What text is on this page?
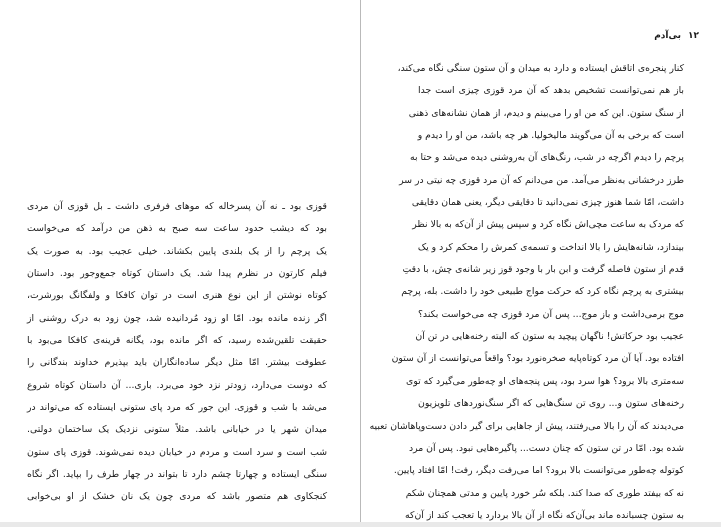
قوزی بود ـ نه آن پسرخاله که موهای فرفری داشت ـ بل قوزی آن مردی
بود که دیشب حدود ساعت سه صبح به ذهن من درآمد که می‌خواست
یک پرچم را از یک بلندی پایین بکشاند. خیلی عجیب بود. به صورت یک
فیلم کارتون در نظرم پیدا شد. یک داستان کوتاه جمع‌وجور بود. داستان
کوتاه نوشتن از این نوع هنری است در توان کافکا و ولفگانگ بورشرت،
اگر زنده مانده بود. امّا او زود مُردانیده شد، چون زود به درک روشنی از
حقیقت تلقین‌شده رسید، که اگر مانده بود، یگانه قرینه‌ی کافکا می‌بود با
عطوفت بیشتر. امّا مثل دیگر ساده‌انگاران باید بپذیرم خداوند بندگانی را
که دوست می‌دارد، زودتر نزد خود می‌برد. باری... آن داستان کوتاه شروع
می‌شد با شب و قوزی. این جور که مرد پای ستونی ایستاده که می‌تواند در
میدان شهر یا در خیابانی باشد. مثلاً ستونی نزدیک یک ساختمان دولتی.
شب است و سرد است و مردم در خیابان دیده نمی‌شوند. قوزی پای ستون
سنگی ایستاده و چهارتا چشم دارد تا بتواند در چهار طرف را بپاید. اگر نگاه
کنجکاوی هم متصور باشد که مردی چون یک نان خشک از او بی‌خوابی
۱۲
بی‌آدم
کنار پنجره‌ی اتاقش ایستاده و دارد به میدان و آن ستون سنگی نگاه می‌کند،
باز هم نمی‌توانست تشخیص بدهد که آن مرد قوزی چیزی است جدا
از سنگ ستون. این که من او را می‌بینم و دیدم، از همان نشانه‌های ذهنی
است که برخی به آن می‌گویند مالیخولیا. هر چه باشد، من او را دیدم و
پرچم را دیدم اگرچه در شب، رنگ‌های آن به‌روشنی دیده می‌شد و حتا به
طرز درخشانی به‌نظر می‌آمد. من می‌دانم که آن مرد قوزی چه نیتی در سر
داشت، امّا شما هنوز چیزی نمی‌دانید تا دقایقی دیگر، یعنی همان دقایقی
که مردک به ساعت مچی‌اش نگاه کرد و سپس پیش از آن‌که به بالا نظر
بیندازد، شانه‌هایش را بالا انداخت و تسمه‌ی کمرش را محکم کرد و یک
قدم از ستون فاصله گرفت و ابن بار با وجود قوز زیر شانه‌ی چش، با دقتِ
بیشتری به پرچم نگاه کرد که حرکت مواج طبیعی خود را داشت. بله، پرچم
موج برمی‌داشت و باز موج... پس آن مرد قوزی چه می‌خواست بکند؟
عجیب بود حرکاتش! ناگهان پیچید به ستون که البته رخنه‌هایی در تن آن
افتاده بود. آیا آن مرد کوتاه‌پایه صخره‌نورد بود؟ واقعاً می‌توانست از آن ستون
سه‌متری بالا برود؟ هوا سرد بود، پس پنجه‌های او چه‌طور می‌گیرد که توی
رخنه‌های ستون و... روی تن سنگ‌هایی که اگر سنگ‌نوردهای تلویزیون
می‌دیدند که آن را بالا می‌رفتند، پیش از جاهایی برای گیر دادن دست‌وپاهاشان تعبیه
شده بود. امّا در تن ستون که چنان دست... پاگیره‌هایی نبود. پس آن مرد
کوتوله چه‌طور می‌توانست بالا برود؟ اما می‌رفت دیگر، رفت! امّا افتاد پایین.
نه که بیفتد طوری که صدا کند. بلکه سُر خورد پایین و مدتی همچنان شکم
به ستون چسبانده ماند بی‌آن‌که نگاه از آن بالا بردارد یا تعجب کند از آن‌که
